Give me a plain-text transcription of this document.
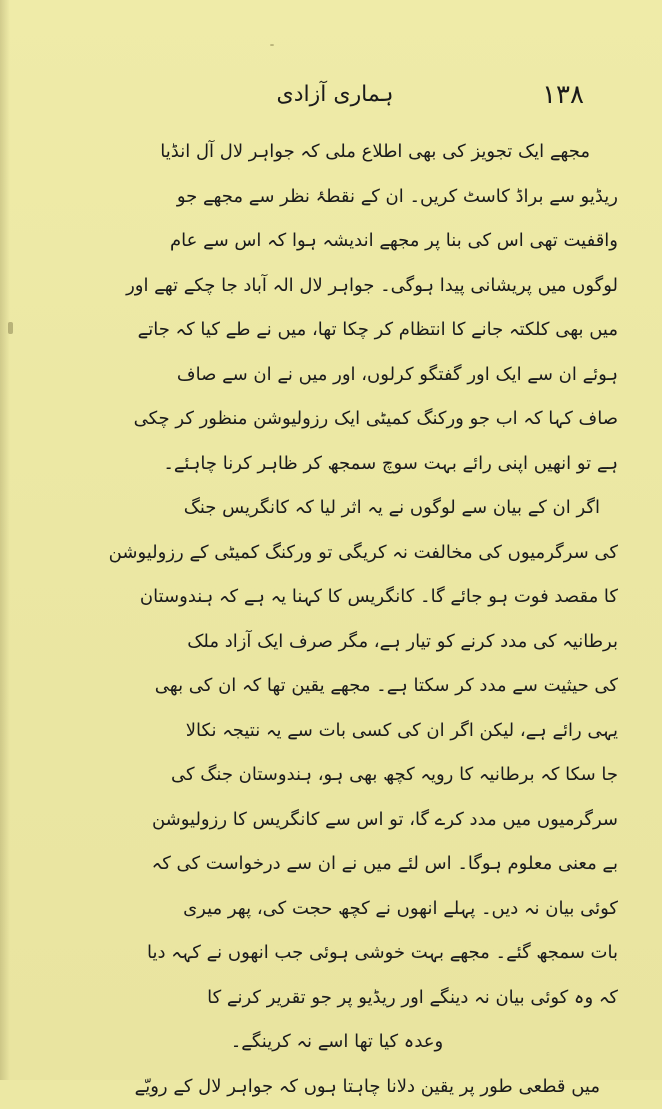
۱۳۸
ہماری آزادی
مجھے ایک تجویز کی بھی اطلاع ملی کہ جواہر لال آل انڈیا
ریڈیو سے براڈ کاسٹ کریں۔ ان کے نقطۂ نظر سے مجھے جو
واقفیت تھی اس کی بنا پر مجھے اندیشہ ہوا کہ اس سے عام
لوگوں میں پریشانی پیدا ہوگی۔ جواہر لال الہ آباد جا چکے تھے اور
میں بھی کلکتہ جانے کا انتظام کر چکا تھا، میں نے طے کیا کہ جاتے
ہوئے ان سے ایک اور گفتگو کرلوں، اور میں نے ان سے صاف
صاف کہا کہ اب جو ورکنگ کمیٹی ایک رزولیوشن منظور کر چکی
ہے تو انھیں اپنی رائے بہت سوچ سمجھ کر ظاہر کرنا چاہئے۔
اگر ان کے بیان سے لوگوں نے یہ اثر لیا کہ کانگریس جنگ
کی سرگرمیوں کی مخالفت نہ کریگی تو ورکنگ کمیٹی کے رزولیوشن
کا مقصد فوت ہو جائے گا۔ کانگریس کا کہنا یہ ہے کہ ہندوستان
برطانیہ کی مدد کرنے کو تیار ہے، مگر صرف ایک آزاد ملک
کی حیثیت سے مدد کر سکتا ہے۔ مجھے یقین تھا کہ ان کی بھی
یہی رائے ہے، لیکن اگر ان کی کسی بات سے یہ نتیجہ نکالا
جا سکا کہ برطانیہ کا رویہ کچھ بھی ہو، ہندوستان جنگ کی
سرگرمیوں میں مدد کرے گا، تو اس سے کانگریس کا رزولیوشن
بے معنی معلوم ہوگا۔ اس لئے میں نے ان سے درخواست کی کہ
کوئی بیان نہ دیں۔ پہلے انھوں نے کچھ حجت کی، پھر میری
بات سمجھ گئے۔ مجھے بہت خوشی ہوئی جب انھوں نے کہہ دیا
کہ وہ کوئی بیان نہ دینگے اور ریڈیو پر جو تقریر کرنے کا
وعدہ کیا تھا اسے نہ کرینگے۔
میں قطعی طور پر یقین دلانا چاہتا ہوں کہ جواہر لال کے رویّے
